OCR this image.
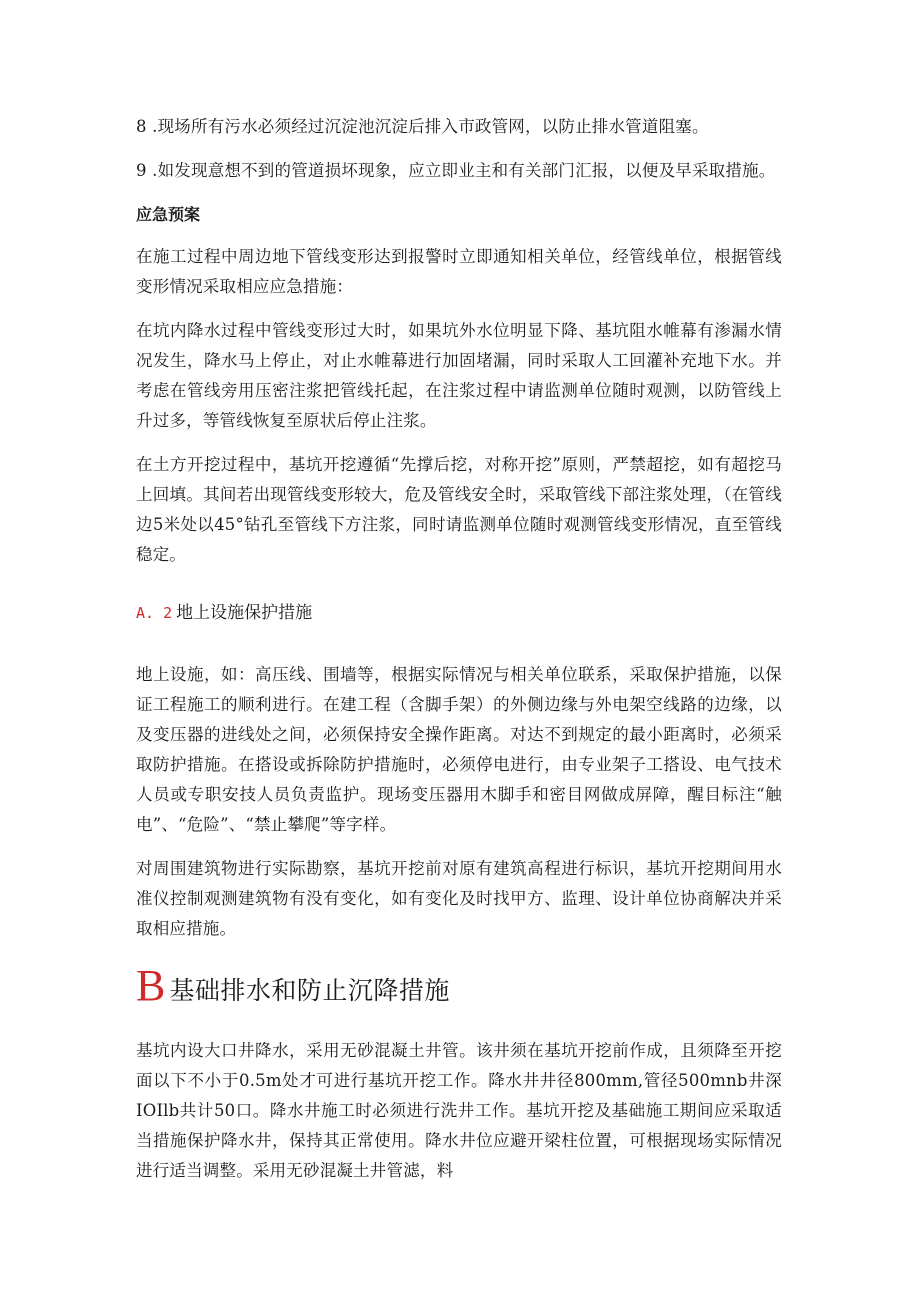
8 .现场所有污水必须经过沉淀池沉淀后排入市政管网，以防止排水管道阻塞。

9 .如发现意想不到的管道损坏现象，应立即业主和有关部门汇报，以便及早采取措施。

应急预案

在施工过程中周边地下管线变形达到报警时立即通知相关单位，经管线单位，根据管线变形情况采取相应应急措施：

在坑内降水过程中管线变形过大时，如果坑外水位明显下降、基坑阻水帷幕有渗漏水情况发生，降水马上停止，对止水帷幕进行加固堵漏，同时采取人工回灌补充地下水。并考虑在管线旁用压密注浆把管线托起，在注浆过程中请监测单位随时观测，以防管线上升过多，等管线恢复至原状后停止注浆。

在土方开挖过程中，基坑开挖遵循“先撑后挖，对称开挖”原则，严禁超挖，如有超挖马上回填。其间若出现管线变形较大，危及管线安全时，采取管线下部注浆处理，（在管线边5米处以45°钻孔至管线下方注浆，同时请监测单位随时观测管线变形情况，直至管线稳定。

A. 2 地上设施保护措施

地上设施，如：高压线、围墙等，根据实际情况与相关单位联系，采取保护措施，以保证工程施工的顺利进行。在建工程（含脚手架）的外侧边缘与外电架空线路的边缘，以及变压器的进线处之间，必须保持安全操作距离。对达不到规定的最小距离时，必须采取防护措施。在搭设或拆除防护措施时，必须停电进行，由专业架子工搭设、电气技术人员或专职安技人员负责监护。现场变压器用木脚手和密目网做成屏障，醒目标注“触电”、“危险”、“禁止攀爬”等字样。

对周围建筑物进行实际勘察，基坑开挖前对原有建筑高程进行标识，基坑开挖期间用水准仪控制观测建筑物有没有变化，如有变化及时找甲方、监理、设计单位协商解决并采取相应措施。

B 基础排水和防止沉降措施

基坑内设大口井降水，采用无砂混凝土井管。该井须在基坑开挖前作成，且须降至开挖面以下不小于0.5m处才可进行基坑开挖工作。降水井井径800mm,管径500mnb井深IOIlb共计50口。降水井施工时必须进行洗井工作。基坑开挖及基础施工期间应采取适当措施保护降水井，保持其正常使用。降水井位应避开梁柱位置，可根据现场实际情况进行适当调整。采用无砂混凝土井管滤，料
